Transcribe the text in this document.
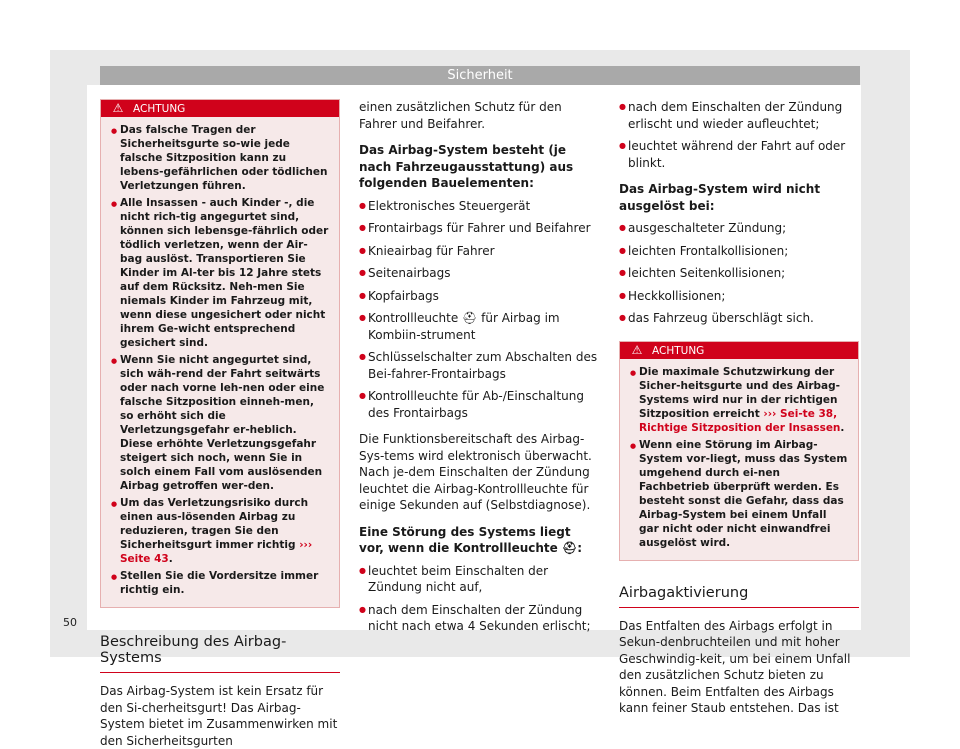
Sicherheit
⚠ ACHTUNG
● Das falsche Tragen der Sicherheitsgurte so-wie jede falsche Sitzposition kann zu lebens-gefährlichen oder tödlichen Verletzungen führen.
● Alle Insassen - auch Kinder -, die nicht rich-tig angegurtet sind, können sich lebensge-fährlich oder tödlich verletzen, wenn der Air-bag auslöst. Transportieren Sie Kinder im Al-ter bis 12 Jahre stets auf dem Rücksitz. Neh-men Sie niemals Kinder im Fahrzeug mit, wenn diese ungesichert oder nicht ihrem Ge-wicht entsprechend gesichert sind.
● Wenn Sie nicht angegurtet sind, sich wäh-rend der Fahrt seitwärts oder nach vorne leh-nen oder eine falsche Sitzposition einneh-men, so erhöht sich die Verletzungsgefahr er-heblich. Diese erhöhte Verletzungsgefahr steigert sich noch, wenn Sie in solch einem Fall vom auslösenden Airbag getroffen wer-den.
● Um das Verletzungsrisiko durch einen aus-lösenden Airbag zu reduzieren, tragen Sie den Sicherheitsgurt immer richtig ››› Seite 43.
● Stellen Sie die Vordersitze immer richtig ein.
Beschreibung des Airbag-Systems
Das Airbag-System ist kein Ersatz für den Si-cherheitsgurt! Das Airbag-System bietet im Zusammenwirken mit den Sicherheitsgurten
einen zusätzlichen Schutz für den Fahrer und Beifahrer.
Das Airbag-System besteht (je nach Fahrzeugausstattung) aus folgenden Bauelementen:
● Elektronisches Steuergerät
● Frontairbags für Fahrer und Beifahrer
● Knieairbag für Fahrer
● Seitenairbags
● Kopfairbags
● Kontrollleuchte ⛑ für Airbag im Kombiin-strument
● Schlüsselschalter zum Abschalten des Bei-fahrer-Frontairbags
● Kontrollleuchte für Ab-/Einschaltung des Frontairbags
Die Funktionsbereitschaft des Airbag-Sys-tems wird elektronisch überwacht. Nach je-dem Einschalten der Zündung leuchtet die Airbag-Kontrollleuchte für einige Sekunden auf (Selbstdiagnose).
Eine Störung des Systems liegt vor, wenn die Kontrollleuchte ⛑:
● leuchtet beim Einschalten der Zündung nicht auf,
● nach dem Einschalten der Zündung nicht nach etwa 4 Sekunden erlischt;
● nach dem Einschalten der Zündung erlischt und wieder aufleuchtet;
● leuchtet während der Fahrt auf oder blinkt.
Das Airbag-System wird nicht ausgelöst bei:
● ausgeschalteter Zündung;
● leichten Frontalkollisionen;
● leichten Seitenkollisionen;
● Heckkollisionen;
● das Fahrzeug überschlägt sich.
⚠ ACHTUNG
● Die maximale Schutzwirkung der Sicher-heitsgurte und des Airbag-Systems wird nur in der richtigen Sitzposition erreicht ››› Sei-te 38, Richtige Sitzposition der Insassen.
● Wenn eine Störung im Airbag-System vor-liegt, muss das System umgehend durch ei-nen Fachbetrieb überprüft werden. Es besteht sonst die Gefahr, dass das Airbag-System bei einem Unfall gar nicht oder nicht einwandfrei ausgelöst wird.
Airbagaktivierung
Das Entfalten des Airbags erfolgt in Sekun-denbruchteilen und mit hoher Geschwindig-keit, um bei einem Unfall den zusätzlichen Schutz bieten zu können. Beim Entfalten des Airbags kann feiner Staub entstehen. Das ist
50
